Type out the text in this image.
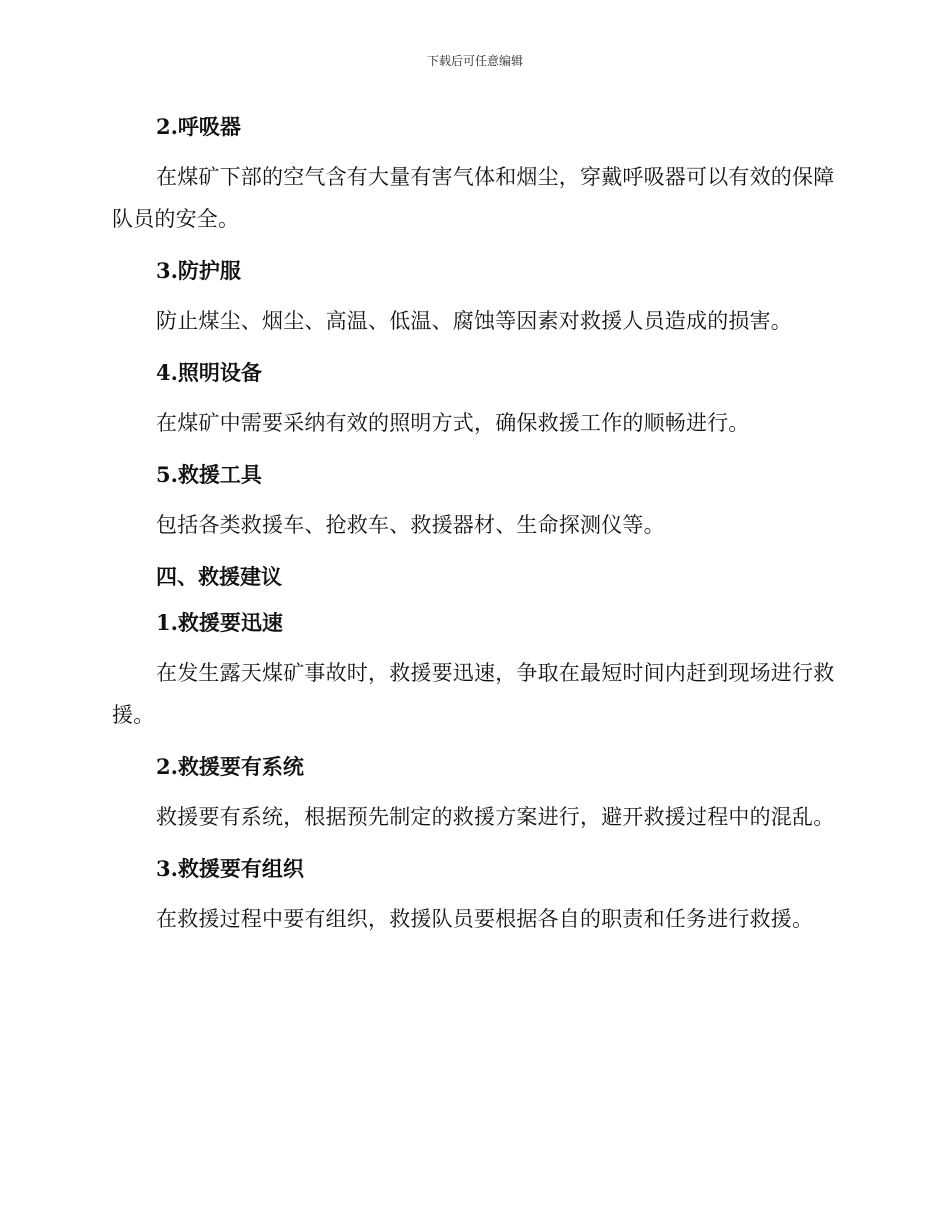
下载后可任意编辑

2.呼吸器

在煤矿下部的空气含有大量有害气体和烟尘，穿戴呼吸器可以有效的保障队员的安全。

3.防护服

防止煤尘、烟尘、高温、低温、腐蚀等因素对救援人员造成的损害。

4.照明设备

在煤矿中需要采纳有效的照明方式，确保救援工作的顺畅进行。

5.救援工具

包括各类救援车、抢救车、救援器材、生命探测仪等。

四、救援建议

1.救援要迅速

在发生露天煤矿事故时，救援要迅速，争取在最短时间内赶到现场进行救援。

2.救援要有系统

救援要有系统，根据预先制定的救援方案进行，避开救援过程中的混乱。

3.救援要有组织

在救援过程中要有组织，救援队员要根据各自的职责和任务进行救援。
